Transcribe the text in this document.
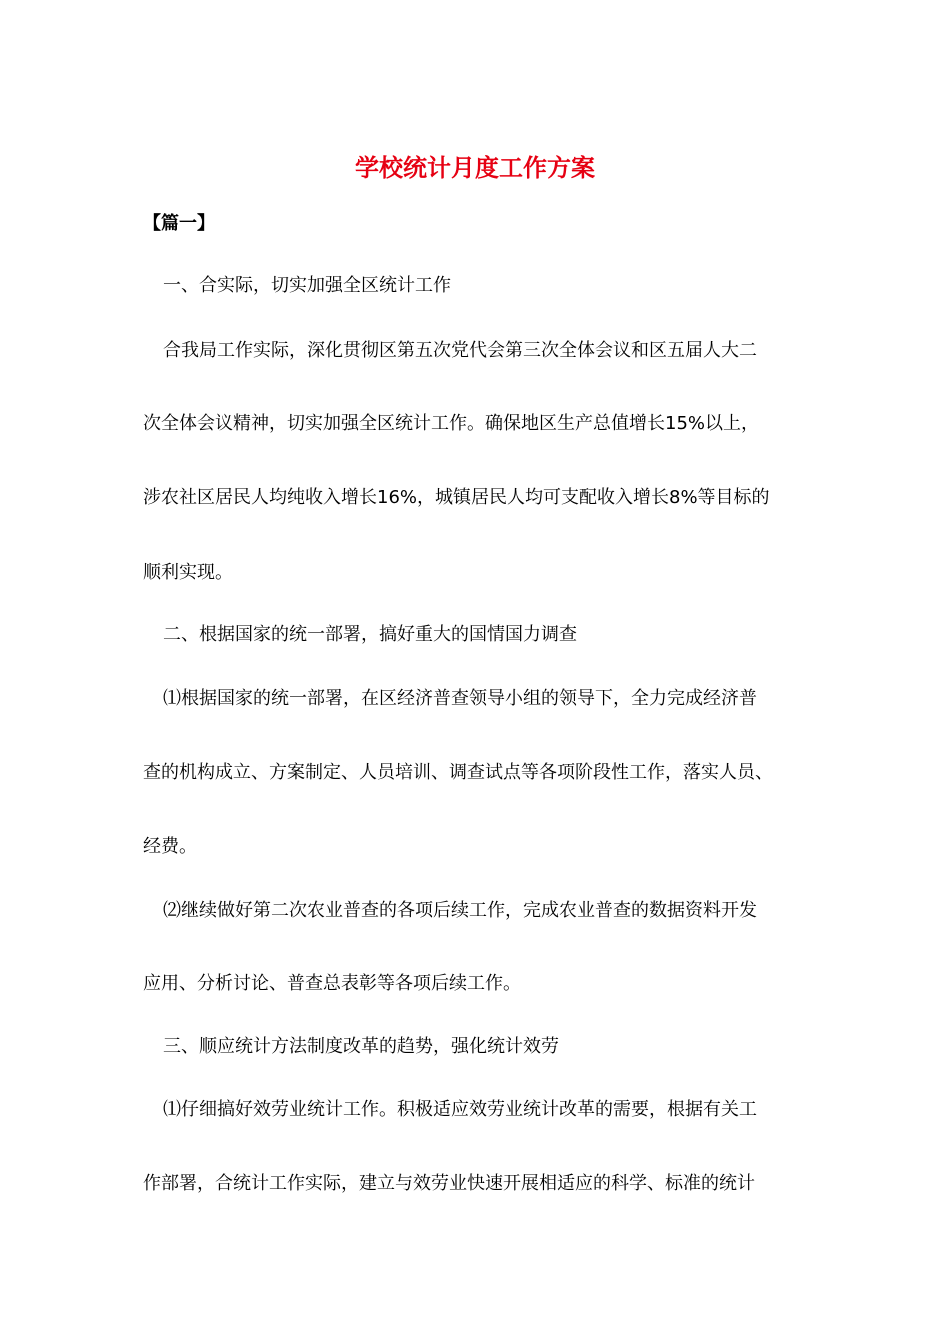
学校统计月度工作方案
【篇一】
一、合实际，切实加强全区统计工作
合我局工作实际，深化贯彻区第五次党代会第三次全体会议和区五届人大二
次全体会议精神，切实加强全区统计工作。确保地区生产总值增长15%以上，
涉农社区居民人均纯收入增长16%，城镇居民人均可支配收入增长8%等目标的
顺利实现。
二、根据国家的统一部署，搞好重大的国情国力调查
⑴根据国家的统一部署，在区经济普查领导小组的领导下，全力完成经济普
查的机构成立、方案制定、人员培训、调查试点等各项阶段性工作，落实人员、
经费。
⑵继续做好第二次农业普查的各项后续工作，完成农业普查的数据资料开发
应用、分析讨论、普查总表彰等各项后续工作。
三、顺应统计方法制度改革的趋势，强化统计效劳
⑴仔细搞好效劳业统计工作。积极适应效劳业统计改革的需要，根据有关工
作部署，合统计工作实际，建立与效劳业快速开展相适应的科学、标准的统计
